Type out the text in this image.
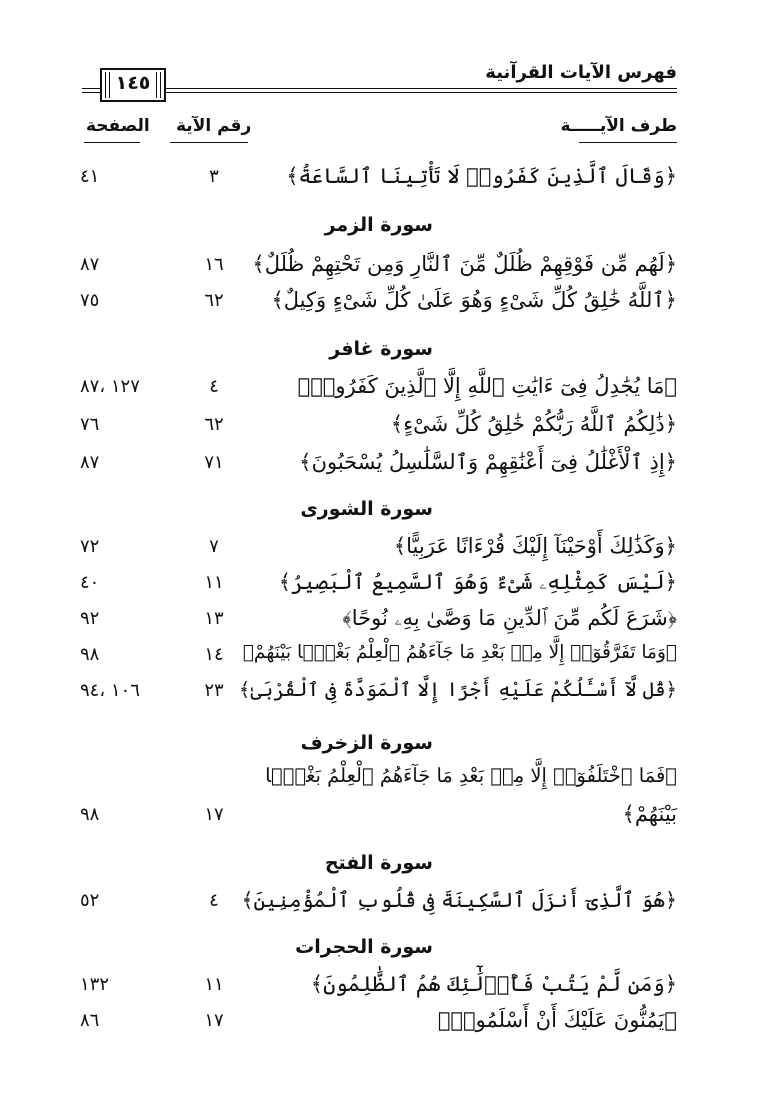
فهرس الآيات القرآنية
١٤٥
طرف الآيـــــة
رقم الآية
الصفحة
﴿وَقَالَ ٱلَّذِينَ كَفَرُوا۟ لَا تَأْتِينَا ٱلسَّاعَةُ﴾
٣
٤١
سورة الزمر
﴿لَهُم مِّن فَوْقِهِمْ ظُلَلٌ مِّنَ ٱلنَّارِ وَمِن تَحْتِهِمْ ظُلَلٌ﴾
١٦
٨٧
﴿ٱللَّهُ خَٰلِقُ كُلِّ شَىْءٍ وَهُوَ عَلَىٰ كُلِّ شَىْءٍ وَكِيلٌ﴾
٦٢
٧٥
سورة غافر
﴿مَا يُجَٰدِلُ فِىٓ ءَايَٰتِ ٱللَّهِ إِلَّا ٱلَّذِينَ كَفَرُوا۟﴾
٤
١٢٧ ،٨٧
﴿ذَٰلِكُمُ ٱللَّهُ رَبُّكُمْ خَٰلِقُ كُلِّ شَىْءٍ﴾
٦٢
٧٦
﴿إِذِ ٱلْأَغْلَٰلُ فِىٓ أَعْنَٰقِهِمْ وَٱلسَّلَٰسِلُ يُسْحَبُونَ﴾
٧١
٨٧
سورة الشورى
﴿وَكَذَٰلِكَ أَوْحَيْنَآ إِلَيْكَ قُرْءَانًا عَرَبِيًّا﴾
٧
٧٢
﴿لَيْسَ كَمِثْلِهِۦ شَىْءٌ وَهُوَ ٱلسَّمِيعُ ٱلْبَصِيرُ﴾
١١
٤٠
﴿شَرَعَ لَكُم مِّنَ ٱلدِّينِ مَا وَصَّىٰ بِهِۦ نُوحًا﴾
١٣
٩٢
﴿وَمَا تَفَرَّقُوٓا۟ إِلَّا مِنۢ بَعْدِ مَا جَآءَهُمُ ٱلْعِلْمُ بَغْيًۢا بَيْنَهُمْ﴾
١٤
٩٨
﴿قُل لَّآ أَسْـَٔلُكُمْ عَلَيْهِ أَجْرًا إِلَّا ٱلْمَوَدَّةَ فِى ٱلْقُرْبَىٰ﴾
٢٣
١٠٦ ،٩٤
سورة الزخرف
﴿فَمَا ٱخْتَلَفُوٓا۟ إِلَّا مِنۢ بَعْدِ مَا جَآءَهُمُ ٱلْعِلْمُ بَغْيًۢا
بَيْنَهُمْ﴾
١٧
٩٨
سورة الفتح
﴿هُوَ ٱلَّذِىٓ أَنزَلَ ٱلسَّكِينَةَ فِى قُلُوبِ ٱلْمُؤْمِنِينَ﴾
٤
٥٢
سورة الحجرات
﴿وَمَن لَّمْ يَتُبْ فَأُو۟لَٰٓئِكَ هُمُ ٱلظَّٰلِمُونَ﴾
١١
١٣٢
﴿يَمُنُّونَ عَلَيْكَ أَنْ أَسْلَمُوا۟﴾
١٧
٨٦
